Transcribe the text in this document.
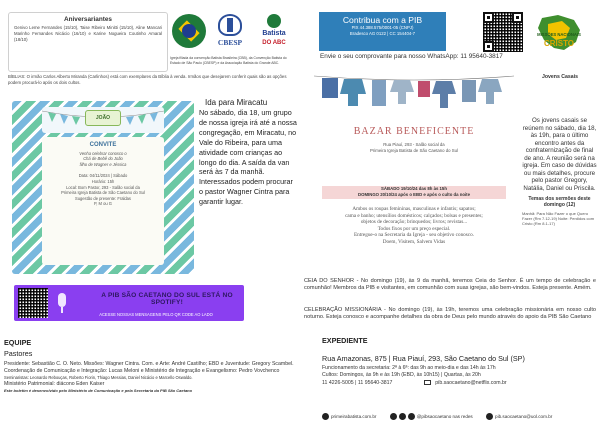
Aniversariantes
Genivo Leme Fernandes (15/10), Taise Ribeiro Minitti (15/10), Aline Mancari Marinho Fernandes Nicácio (16/10) e Karine Nogueira Coutinho Amaral (18/10)	CBESP
Batista
DO ABC
Igreja filiada da convenção Batista Brasileira (CBB), da Convenção Batista do Estado de São Paulo (CBESP) e da Associação Batista do Grande ABC.
BÍBLIAS: O irmão Carlos Alberto Miranda (Carlinhos) está com exemplares da Bíblia à venda. Irmãos que desejarem conferir quais são as opções podem procurá-lo após os dois cultos.
JOÃO
CONVITE
Venha celebrar conosco o
Chá de Bebê do João
filho de Wagner e Jéssica
Data: 04/11/2024 | Sábado
Horário: 15h
Local: Bom Pastor, 293 - Salão social da
Primeira Igreja Batista de São Caetano do Sul
Sugestão de presente: Fraldas
P, M ou G
Ida para Miracatu
No sábado, dia 18, um grupo de nossa igreja irá até a nossa congregação, em Miracatu, no Vale do Ribeira, para uma atividade com crianças ao longo do dia. A saída da van será às 7 da manhã. Interessados podem procurar o pastor Wagner Cintra para garantir lugar.
A PIB SÃO CAETANO DO SUL ESTÁ NO SPOTIFY!
ACESSE NOSSAS MENSAGENS PELO QR CODE AO LADO
EQUIPE
Pastores
Presidente: Sebastião C. O. Neto. Missões: Wagner Cintra. Com. e Arte: André Castilho; EBD e Juventude: Gregory Scambel. Coordenação de Comunicação e Integração: Lucas Meloni e Ministério de Integração e Evangelismo: Pedro Vovchenco
Seminaristas: Leonardo Rebouças, Roberto Fiorin, Thiago Messias, Daniel Nicácio e Marcello Oswaldo.
Ministério Patrimonial: diácono Eden Kaiser
Este boletim é desenvolvido pelo Ministério de Comunicação e pela Secretaria da PIB São Caetano
Contribua com a PIB
PIX 44.388.575/0001-05 (CNPJ)
Bradesco AG 0122 | CC 154404-7	MISSÕES NACIONAIS
CRISTO
Envie o seu comprovante para nosso WhatsApp: 11 95640-3817
BAZAR BENEFICENTE
Rua Piauí, 293 - Salão social da
Primeira Igreja Batista de São Caetano do Sul
SÁBADO 19/10/24 das 8h às 15h
DOMINGO 20/10/24 após o EBD e após o culto da noite
Ambos os roupas femininas, masculinas e infantis; sapatos;
cama e banho; utensílios domésticos; calçados; bolsas e presentes;
objetos de decoração; brinquedos; livros; revistas...
Todos fixos por um preço especial.
Entregue-o na Secretaria da Igreja - seu objetivo conosco.
Doem, Visitem, Salvem Vidas
Jovens Casais
Os jovens casais se reúnem no sábado, dia 18, às 19h, para o último encontro antes da confraternização de final de ano. A reunião será na igreja. Em caso de dúvidas ou mais detalhes, procure pelo pastor Gregory, Natália, Daniel ou Priscila.
Temas dos sermões deste domingo (12)
Manhã: Para Não Fazer o que Quero Fazer (Rm 7.12-19) Noite: Perdidos com Cristo (Rm 8.1-17)
CEIA DO SENHOR - No domingo (19), às 9 da manhã, teremos Ceia do Senhor. É um tempo de celebração e comunhão! Membros da PIB e visitantes, em comunhão com suas igrejas, são bem-vindos. Esteja presente. Amém.
CELEBRAÇÃO MISSIONÁRIA - No domingo (19), às 19h, teremos uma celebração missionária em nosso culto noturno. Esteja conosco e acompanhe detalhes da obra de Deus pelo mundo através do apoio da PIB São Caetano
EXPEDIENTE
Rua Amazonas, 875 | Rua Piauí, 293, São Caetano do Sul (SP)
Funcionamento da secretaria: 2ª à 6ª: das 9h ao meio-dia e das 14h às 17h
Cultos: Domingos, às 9h e às 19h (EBD, às 10h15) | Quartas, às 20h
11 4226-5005 | 11 95640-3817	pib.saocaetano@netflix.com.br
primeirabatista.com.br	@pibsaocaetano nas redes	pib.saocaetano@uol.com.br
